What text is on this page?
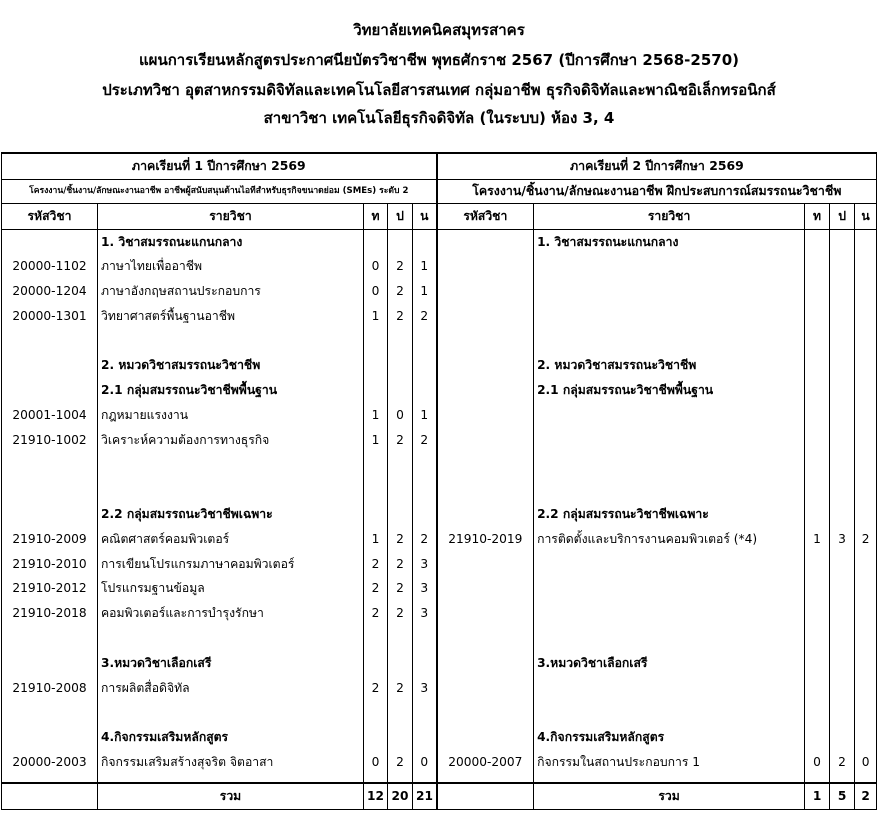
วิทยาลัยเทคนิคสมุทรสาคร
แผนการเรียนหลักสูตรประกาศนียบัตรวิชาชีพ พุทธศักราช 2567 (ปีการศึกษา 2568-2570)
ประเภทวิชา อุตสาหกรรมดิจิทัลและเทคโนโลยีสารสนเทศ กลุ่มอาชีพ ธุรกิจดิจิทัลและพาณิชอิเล็กทรอนิกส์
สาขาวิชา เทคโนโลยีธุรกิจดิจิทัล (ในระบบ) ห้อง 3, 4
ภาคเรียนที่ 1 ปีการศึกษา 2569					ภาคเรียนที่ 2 ปีการศึกษา 2569				
โครงงาน/ชิ้นงาน/ลักษณะงานอาชีพ อาชีพผู้สนับสนุนด้านไอทีสำหรับธุรกิจขนาดย่อม (SMEs) ระดับ 2					โครงงาน/ชิ้นงาน/ลักษณะงานอาชีพ ฝึกประสบการณ์สมรรถนะวิชาชีพ				
รหัสวิชา	รายวิชา	ท	ป	น	รหัสวิชา	รายวิชา	ท	ป	น
	1. วิชาสมรรถนะแกนกลาง					1. วิชาสมรรถนะแกนกลาง			
20000-1102	ภาษาไทยเพื่ออาชีพ	0	2	1					
20000-1204	ภาษาอังกฤษสถานประกอบการ	0	2	1					
20000-1301	วิทยาศาสตร์พื้นฐานอาชีพ	1	2	2					

	2. หมวดวิชาสมรรถนะวิชาชีพ					2. หมวดวิชาสมรรถนะวิชาชีพ			
	2.1 กลุ่มสมรรถนะวิชาชีพพื้นฐาน					2.1 กลุ่มสมรรถนะวิชาชีพพื้นฐาน			
20001-1004	กฎหมายแรงงาน	1	0	1					
21910-1002	วิเคราะห์ความต้องการทางธุรกิจ	1	2	2					

	2.2 กลุ่มสมรรถนะวิชาชีพเฉพาะ					2.2 กลุ่มสมรรถนะวิชาชีพเฉพาะ			
21910-2009	คณิตศาสตร์คอมพิวเตอร์	1	2	2	21910-2019	การติดตั้งและบริการงานคอมพิวเตอร์ (*4)	1	3	2
21910-2010	การเขียนโปรแกรมภาษาคอมพิวเตอร์	2	2	3					
21910-2012	โปรแกรมฐานข้อมูล	2	2	3					
21910-2018	คอมพิวเตอร์และการบำรุงรักษา	2	2	3					

	3.หมวดวิชาเลือกเสรี					3.หมวดวิชาเลือกเสรี			
21910-2008	การผลิตสื่อดิจิทัล	2	2	3					

	4.กิจกรรมเสริมหลักสูตร					4.กิจกรรมเสริมหลักสูตร			
20000-2003	กิจกรรมเสริมสร้างสุจริต จิตอาสา	0	2	0	20000-2007	กิจกรรมในสถานประกอบการ 1	0	2	0

	รวม	12	20	21		รวม	1	5	2
